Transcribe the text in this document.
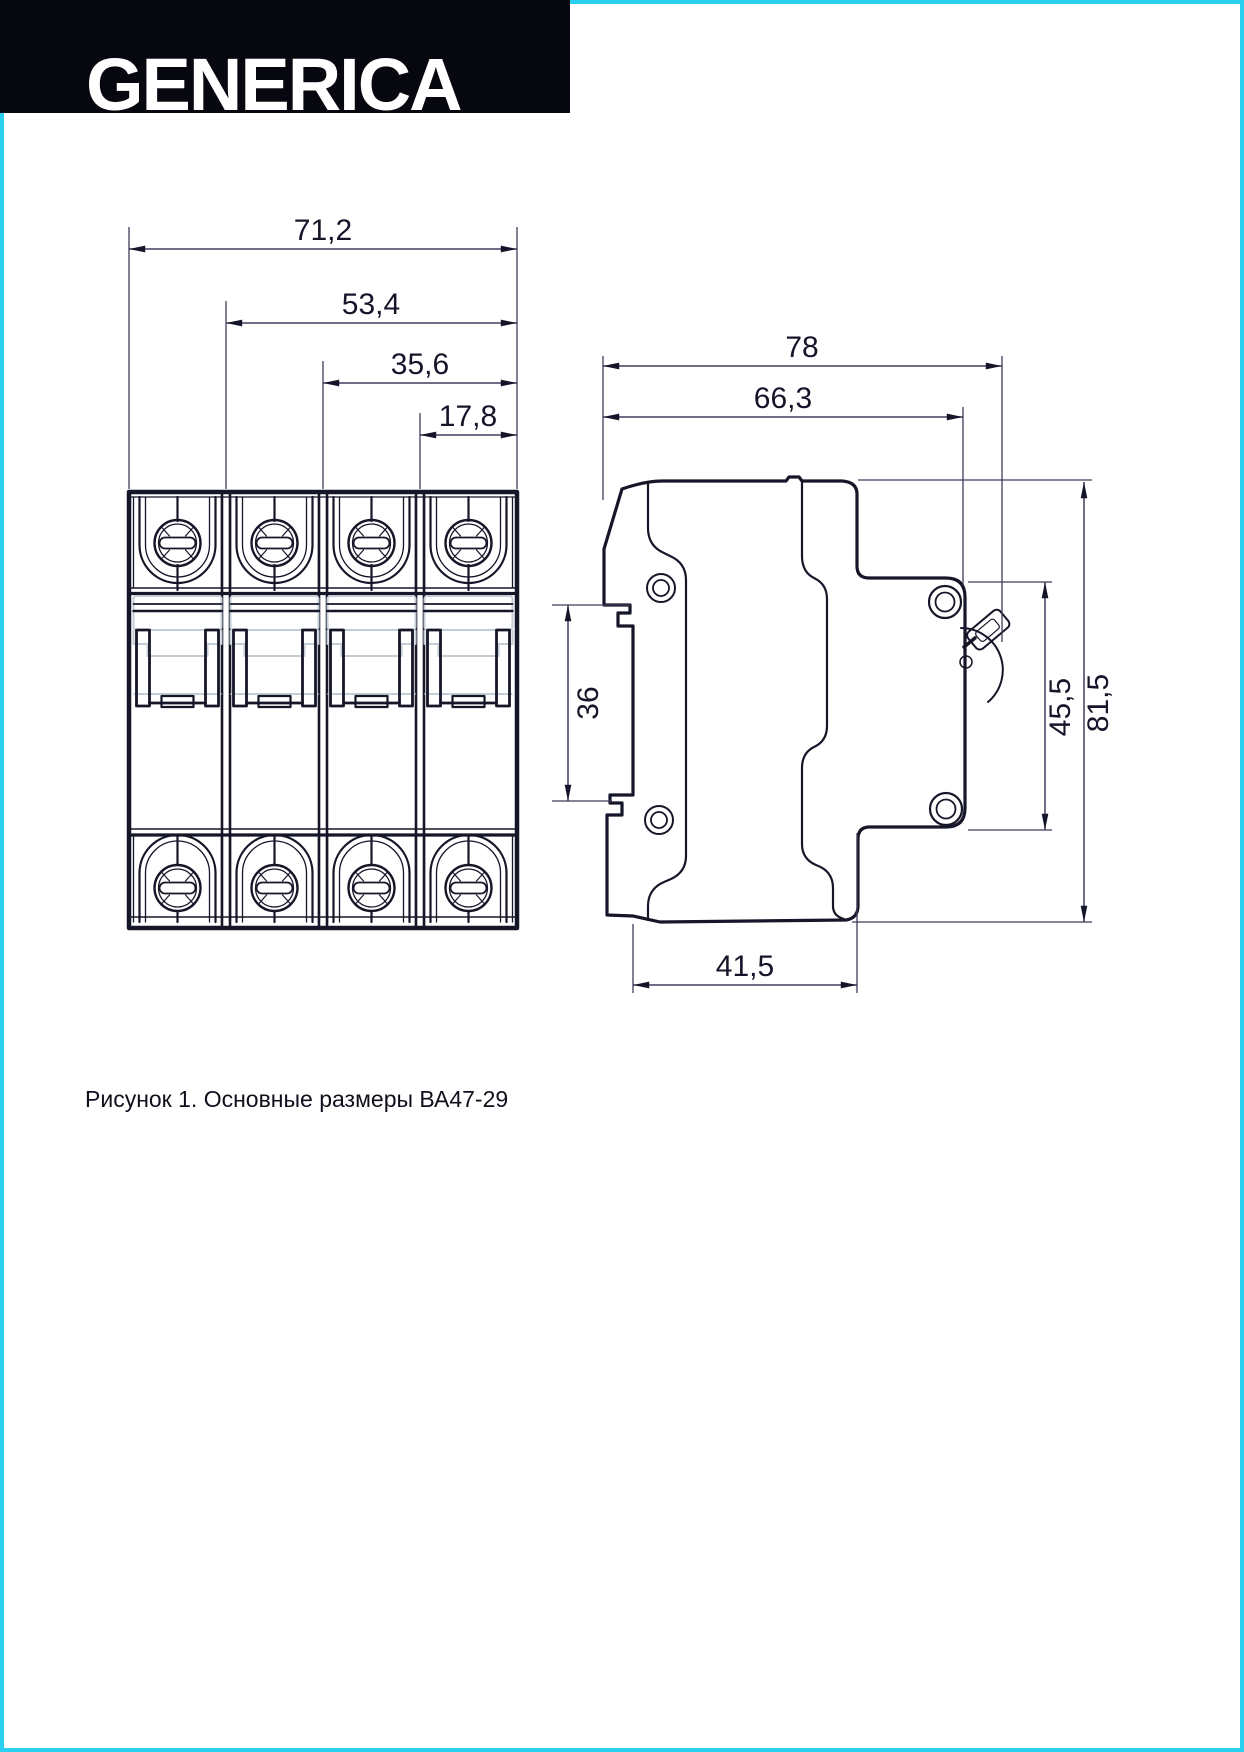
71,2
53,4
35,6
17,8
78
66,3
36	45,5 81,5
41,5
GENERICA
Рисунок 1. Основные размеры ВА47-29
